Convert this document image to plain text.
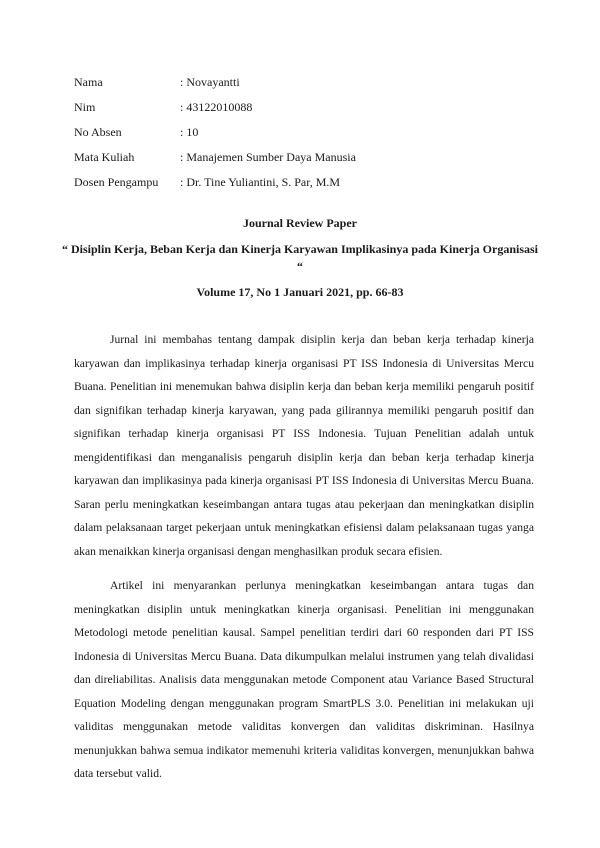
Nama	: Novayantti
Nim	: 43122010088
No Absen	: 10
Mata Kuliah	: Manajemen Sumber Daya Manusia
Dosen Pengampu	: Dr. Tine Yuliantini, S. Par, M.M

Journal Review Paper

“ Disiplin Kerja, Beban Kerja dan Kinerja Karyawan Implikasinya pada Kinerja Organisasi “

Volume 17, No 1 Januari 2021, pp. 66-83

Jurnal ini membahas tentang dampak disiplin kerja dan beban kerja terhadap kinerja karyawan dan implikasinya terhadap kinerja organisasi PT ISS Indonesia di Universitas Mercu Buana. Penelitian ini menemukan bahwa disiplin kerja dan beban kerja memiliki pengaruh positif dan signifikan terhadap kinerja karyawan, yang pada gilirannya memiliki pengaruh positif dan signifikan terhadap kinerja organisasi PT ISS Indonesia. Tujuan Penelitian adalah untuk mengidentifikasi dan menganalisis pengaruh disiplin kerja dan beban kerja terhadap kinerja karyawan dan implikasinya pada kinerja organisasi PT ISS Indonesia di Universitas Mercu Buana. Saran perlu meningkatkan keseimbangan antara tugas atau pekerjaan dan meningkatkan disiplin dalam pelaksanaan target pekerjaan untuk meningkatkan efisiensi dalam pelaksanaan tugas yanga akan menaikkan kinerja organisasi dengan menghasilkan produk secara efisien.

Artikel ini menyarankan perlunya meningkatkan keseimbangan antara tugas dan meningkatkan disiplin untuk meningkatkan kinerja organisasi. Penelitian ini menggunakan Metodologi metode penelitian kausal. Sampel penelitian terdiri dari 60 responden dari PT ISS Indonesia di Universitas Mercu Buana. Data dikumpulkan melalui instrumen yang telah divalidasi dan direliabilitas. Analisis data menggunakan metode Component atau Variance Based Structural Equation Modeling dengan menggunakan program SmartPLS 3.0. Penelitian ini melakukan uji validitas menggunakan metode validitas konvergen dan validitas diskriminan. Hasilnya menunjukkan bahwa semua indikator memenuhi kriteria validitas konvergen, menunjukkan bahwa data tersebut valid.
